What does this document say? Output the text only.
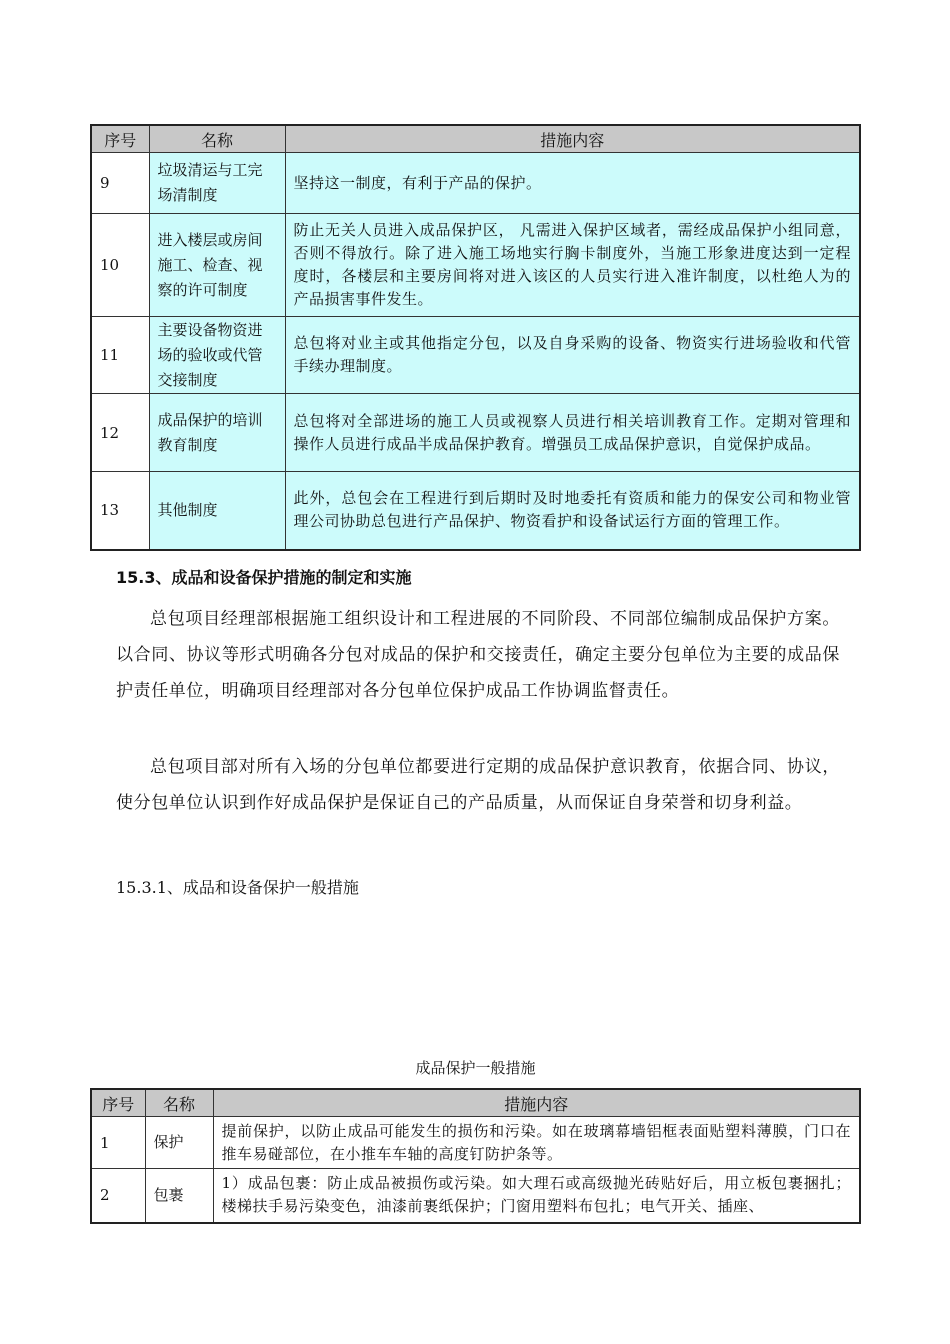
序号	名称	措施内容
9	垃圾清运与工完场清制度	坚持这一制度，有利于产品的保护。
10	进入楼层或房间施工、检查、视察的许可制度	防止无关人员进入成品保护区， 凡需进入保护区域者，需经成品保护小组同意，否则不得放行。除了进入施工场地实行胸卡制度外，当施工形象进度达到一定程度时，各楼层和主要房间将对进入该区的人员实行进入准许制度，以杜绝人为的产品损害事件发生。
11	主要设备物资进场的验收或代管交接制度	总包将对业主或其他指定分包，以及自身采购的设备、物资实行进场验收和代管手续办理制度。
12	成品保护的培训教育制度	总包将对全部进场的施工人员或视察人员进行相关培训教育工作。定期对管理和操作人员进行成品半成品保护教育。增强员工成品保护意识，自觉保护成品。
13	其他制度	此外，总包会在工程进行到后期时及时地委托有资质和能力的保安公司和物业管理公司协助总包进行产品保护、物资看护和设备试运行方面的管理工作。
15.3、成品和设备保护措施的制定和实施
总包项目经理部根据施工组织设计和工程进展的不同阶段、不同部位编制成品保护方案。以合同、协议等形式明确各分包对成品的保护和交接责任，确定主要分包单位为主要的成品保护责任单位，明确项目经理部对各分包单位保护成品工作协调监督责任。
总包项目部对所有入场的分包单位都要进行定期的成品保护意识教育，依据合同、协议，使分包单位认识到作好成品保护是保证自己的产品质量，从而保证自身荣誉和切身利益。
15.3.1、成品和设备保护一般措施
成品保护一般措施
序号	名称	措施内容
1	保护	提前保护，以防止成品可能发生的损伤和污染。如在玻璃幕墙铝框表面贴塑料薄膜，门口在推车易碰部位，在小推车车轴的高度钉防护条等。
2	包裹	1）成品包裹：防止成品被损伤或污染。如大理石或高级抛光砖贴好后，用立板包裹捆扎；楼梯扶手易污染变色，油漆前裹纸保护；门窗用塑料布包扎；电气开关、插座、
